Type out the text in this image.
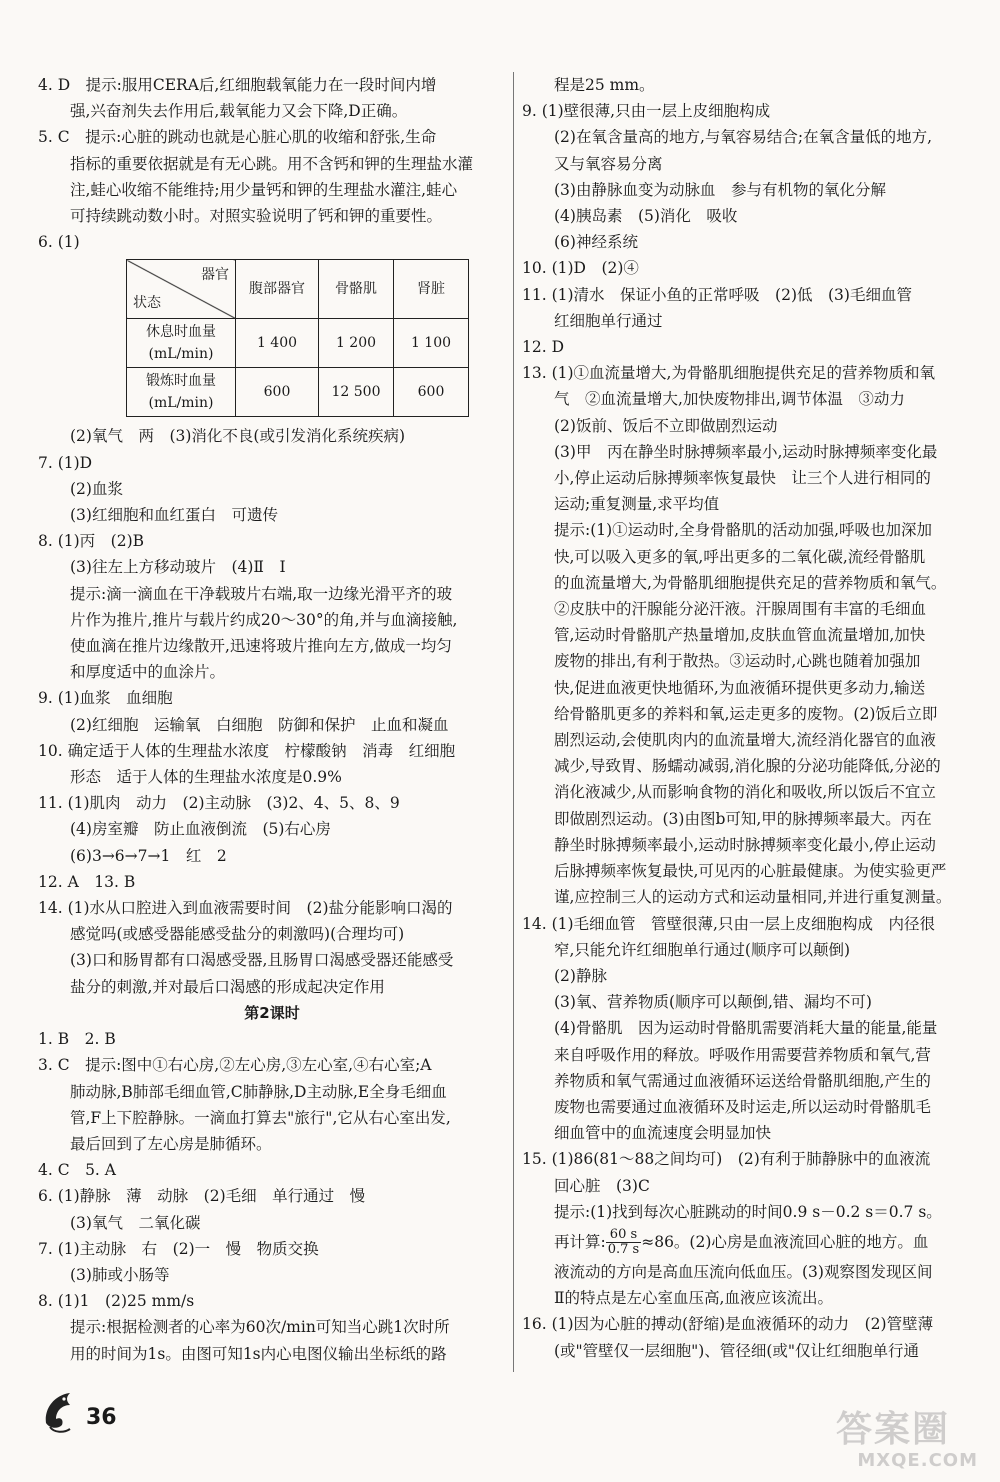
4. D　提示:服用CERA后,红细胞载氧能力在一段时间内增
强,兴奋剂失去作用后,载氧能力又会下降,D正确。
5. C　提示:心脏的跳动也就是心脏心肌的收缩和舒张,生命
指标的重要依据就是有无心跳。用不含钙和钾的生理盐水灌
注,蛙心收缩不能维持;用少量钙和钾的生理盐水灌注,蛙心
可持续跳动数小时。对照实验说明了钙和钾的重要性。
6. (1)
器官
状态	腹部器官	骨骼肌	肾脏

休息时血量
(mL/min)	1 400	1 200	1 100

锻炼时血量
(mL/min)	600	12 500	600
(2)氧气　两　(3)消化不良(或引发消化系统疾病)
7. (1)D
(2)血浆
(3)红细胞和血红蛋白　可遗传
8. (1)丙　(2)B
(3)往左上方移动玻片　(4)Ⅱ　Ⅰ
提示:滴一滴血在干净载玻片右端,取一边缘光滑平齐的玻
片作为推片,推片与载片约成20～30°的角,并与血滴接触,
使血滴在推片边缘散开,迅速将玻片推向左方,做成一均匀
和厚度适中的血涂片。
9. (1)血浆　血细胞
(2)红细胞　运输氧　白细胞　防御和保护　止血和凝血
10. 确定适于人体的生理盐水浓度　柠檬酸钠　消毒　红细胞
形态　适于人体的生理盐水浓度是0.9%
11. (1)肌肉　动力　(2)主动脉　(3)2、4、5、8、9
(4)房室瓣　防止血液倒流　(5)右心房
(6)3→6→7→1　红　2
12. A　13. B
14. (1)水从口腔进入到血液需要时间　(2)盐分能影响口渴的
感觉吗(或感受器能感受盐分的刺激吗)(合理均可)
(3)口和肠胃都有口渴感受器,且肠胃口渴感受器还能感受
盐分的刺激,并对最后口渴感的形成起决定作用
第2课时
1. B　2. B
3. C　提示:图中①右心房,②左心房,③左心室,④右心室;A
肺动脉,B肺部毛细血管,C肺静脉,D主动脉,E全身毛细血
管,F上下腔静脉。一滴血打算去"旅行",它从右心室出发,
最后回到了左心房是肺循环。
4. C　5. A
6. (1)静脉　薄　动脉　(2)毛细　单行通过　慢
(3)氧气　二氧化碳
7. (1)主动脉　右　(2)一　慢　物质交换
(3)肺或小肠等
8. (1)1　(2)25 mm/s
提示:根据检测者的心率为60次/min可知当心跳1次时所
用的时间为1s。由图可知1s内心电图仪输出坐标纸的路
程是25 mm。
9. (1)壁很薄,只由一层上皮细胞构成
(2)在氧含量高的地方,与氧容易结合;在氧含量低的地方,
又与氧容易分离
(3)由静脉血变为动脉血　参与有机物的氧化分解
(4)胰岛素　(5)消化　吸收
(6)神经系统
10. (1)D　(2)④
11. (1)清水　保证小鱼的正常呼吸　(2)低　(3)毛细血管
红细胞单行通过
12. D
13. (1)①血流量增大,为骨骼肌细胞提供充足的营养物质和氧
气　②血流量增大,加快废物排出,调节体温　③动力
(2)饭前、饭后不立即做剧烈运动
(3)甲　丙在静坐时脉搏频率最小,运动时脉搏频率变化最
小,停止运动后脉搏频率恢复最快　让三个人进行相同的
运动;重复测量,求平均值
提示:(1)①运动时,全身骨骼肌的活动加强,呼吸也加深加
快,可以吸入更多的氧,呼出更多的二氧化碳,流经骨骼肌
的血流量增大,为骨骼肌细胞提供充足的营养物质和氧气。
②皮肤中的汗腺能分泌汗液。汗腺周围有丰富的毛细血
管,运动时骨骼肌产热量增加,皮肤血管血流量增加,加快
废物的排出,有利于散热。③运动时,心跳也随着加强加
快,促进血液更快地循环,为血液循环提供更多动力,输送
给骨骼肌更多的养料和氧,运走更多的废物。(2)饭后立即
剧烈运动,会使肌肉内的血流量增大,流经消化器官的血液
减少,导致胃、肠蠕动减弱,消化腺的分泌功能降低,分泌的
消化液减少,从而影响食物的消化和吸收,所以饭后不宜立
即做剧烈运动。(3)由图b可知,甲的脉搏频率最大。丙在
静坐时脉搏频率最小,运动时脉搏频率变化最小,停止运动
后脉搏频率恢复最快,可见丙的心脏最健康。为使实验更严
谨,应控制三人的运动方式和运动量相同,并进行重复测量。
14. (1)毛细血管　管壁很薄,只由一层上皮细胞构成　内径很
窄,只能允许红细胞单行通过(顺序可以颠倒)
(2)静脉
(3)氧、营养物质(顺序可以颠倒,错、漏均不可)
(4)骨骼肌　因为运动时骨骼肌需要消耗大量的能量,能量
来自呼吸作用的释放。呼吸作用需要营养物质和氧气,营
养物质和氧气需通过血液循环运送给骨骼肌细胞,产生的
废物也需要通过血液循环及时运走,所以运动时骨骼肌毛
细血管中的血流速度会明显加快
15. (1)86(81～88之间均可)　(2)有利于肺静脉中的血液流
回心脏　(3)C
提示:(1)找到每次心脏跳动的时间0.9 s－0.2 s＝0.7 s。
再计算: $\frac{60 s}{0.7 s} \approx 86$。(2)心房是血液流回心脏的地方。血
液流动的方向是高血压流向低血压。(3)观察图发现区间
Ⅱ的特点是左心室血压高,血液应该流出。
16. (1)因为心脏的搏动(舒缩)是血液循环的动力　(2)管壁薄
(或"管壁仅一层细胞")、管径细(或"仅让红细胞单行通
36	答案圈
MXQE.COM
